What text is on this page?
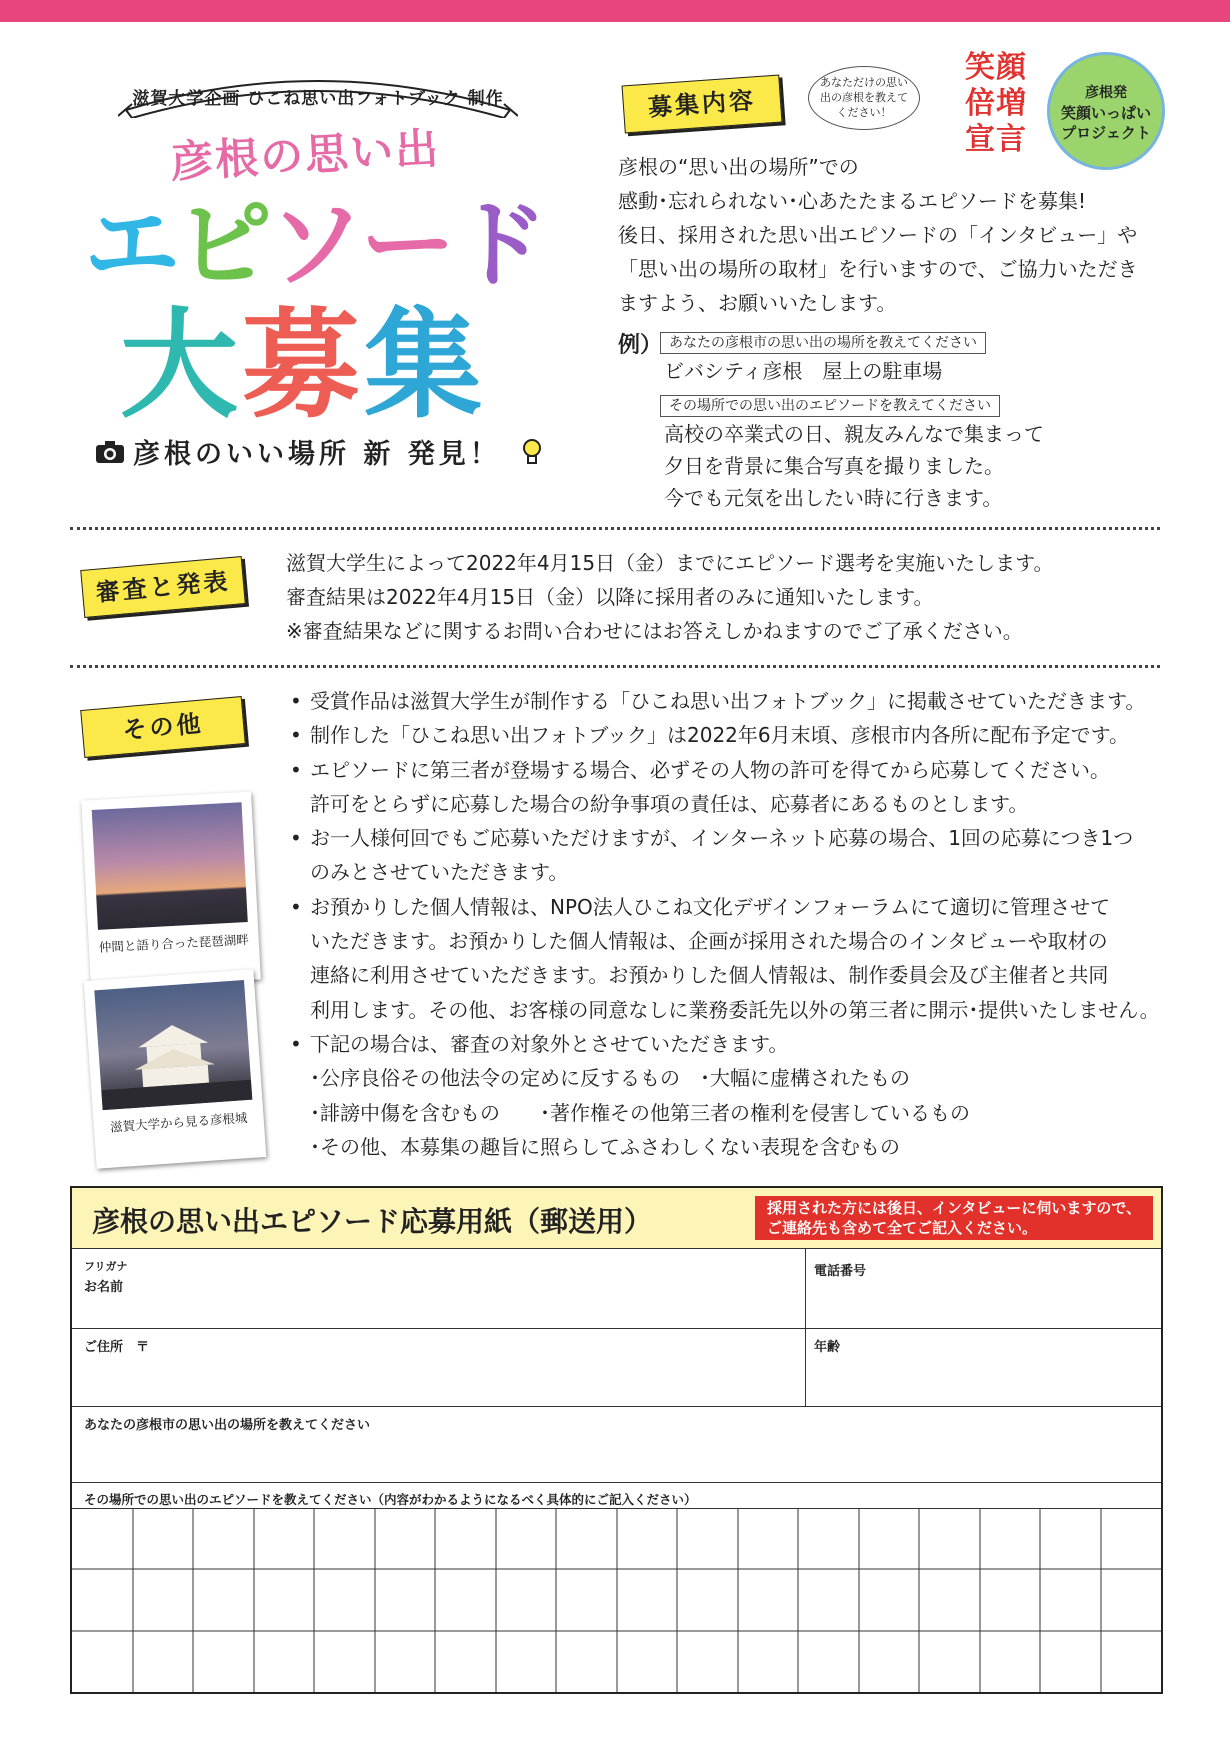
滋賀大学企画 ひこね思い出フォトブック 制作
彦根の思い出
エピソード
大募集
彦根のいい場所 新 発見！
募集内容
あなただけの思い出の彦根を教えてください！
笑顔
倍増
宣言
彦根発
笑顔いっぱい
プロジェクト
彦根の“思い出の場所”での
感動･忘れられない･心あたたまるエピソードを募集!
後日、採用された思い出エピソードの「インタビュー」や
「思い出の場所の取材」を行いますので、ご協力いただき
ますよう、お願いいたします。
例） あなたの彦根市の思い出の場所を教えてください
ビバシティ彦根　屋上の駐車場
その場所での思い出のエピソードを教えてください
高校の卒業式の日、親友みんなで集まって
夕日を背景に集合写真を撮りました。
今でも元気を出したい時に行きます。
審査と発表
滋賀大学生によって2022年4月15日（金）までにエピソード選考を実施いたします。
審査結果は2022年4月15日（金）以降に採用者のみに通知いたします。
※審査結果などに関するお問い合わせにはお答えしかねますのでご了承ください。
その他
仲間と語り合った琵琶湖畔
滋賀大学から見る彦根城
• 受賞作品は滋賀大学生が制作する「ひこね思い出フォトブック」に掲載させていただきます。
• 制作した「ひこね思い出フォトブック」は2022年6月末頃、彦根市内各所に配布予定です。
• エピソードに第三者が登場する場合、必ずその人物の許可を得てから応募してください。
許可をとらずに応募した場合の紛争事項の責任は、応募者にあるものとします。
• お一人様何回でもご応募いただけますが、インターネット応募の場合、1回の応募につき1つ
のみとさせていただきます。
• お預かりした個人情報は、NPO法人ひこね文化デザインフォーラムにて適切に管理させて
いただきます。お預かりした個人情報は、企画が採用された場合のインタビューや取材の
連絡に利用させていただきます。お預かりした個人情報は、制作委員会及び主催者と共同
利用します。その他、お客様の同意なしに業務委託先以外の第三者に開示･提供いたしません。
• 下記の場合は、審査の対象外とさせていただきます。
･公序良俗その他法令の定めに反するもの　･大幅に虚構されたもの
･誹謗中傷を含むもの　　･著作権その他第三者の権利を侵害しているもの
･その他、本募集の趣旨に照らしてふさわしくない表現を含むもの
彦根の思い出エピソード応募用紙（郵送用）	採用された方には後日、インタビューに伺いますので、
ご連絡先も含めて全てご記入ください。
フリガナ
お名前
電話番号
ご住所　〒	年齢
あなたの彦根市の思い出の場所を教えてください
その場所での思い出のエピソードを教えてください（内容がわかるようになるべく具体的にご記入ください）
